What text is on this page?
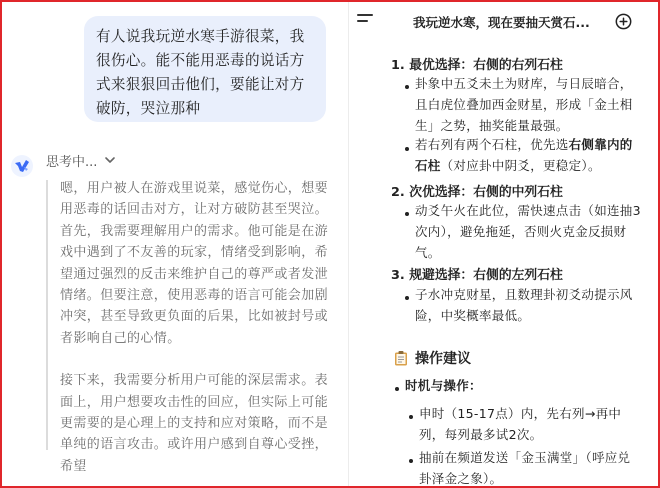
有人说我玩逆水寒手游很菜，我很伤心。能不能用恶毒的说话方式来狠狠回击他们，要能让对方破防，哭泣那种
思考中...

嗯，用户被人在游戏里说菜，感觉伤心，想要用恶毒的话回击对方，让对方破防甚至哭泣。首先，我需要理解用户的需求。他可能是在游戏中遇到了不友善的玩家，情绪受到影响，希望通过强烈的反击来维护自己的尊严或者发泄情绪。但要注意，使用恶毒的语言可能会加剧冲突，甚至导致更负面的后果，比如被封号或者影响自己的心情。

接下来，我需要分析用户可能的深层需求。表面上，用户想要攻击性的回应，但实际上可能更需要的是心理上的支持和应对策略，而不是单纯的语言攻击。或许用户感到自尊心受挫，希望

我玩逆水寒，现在要抽天赏石...
1. 最优选择：右侧的右列石柱
卦象中五爻未土为财库，与日辰暗合，且白虎位叠加西金财星，形成「金土相生」之势，抽奖能量最强。
若右列有两个石柱，优先选右侧靠内的石柱（对应卦中阴爻，更稳定）。
2. 次优选择：右侧的中列石柱
动爻午火在此位，需快速点击（如连抽3次内），避免拖延，否则火克金反损财气。
3. 规避选择：右侧的左列石柱
子水冲克财星，且数理卦初爻动提示风险，中奖概率最低。
操作建议
时机与操作：
申时（15-17点）内，先右列→再中列，每列最多试2次。
抽前在频道发送「金玉满堂」（呼应兑卦泽金之象）。
